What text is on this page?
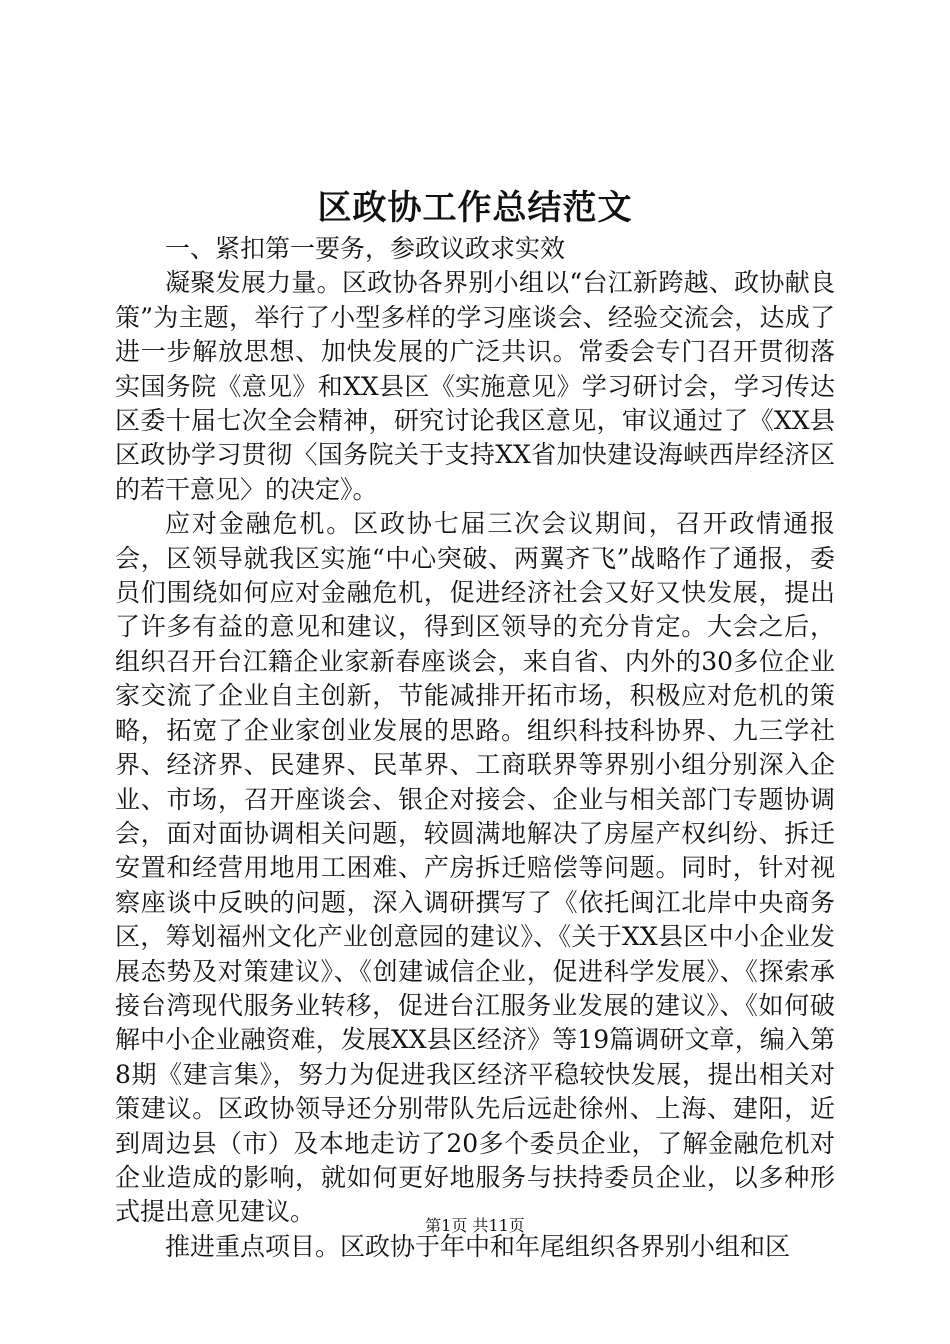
区政协工作总结范文

一、紧扣第一要务，参政议政求实效

凝聚发展力量。区政协各界别小组以“台江新跨越、政协献良策”为主题，举行了小型多样的学习座谈会、经验交流会，达成了进一步解放思想、加快发展的广泛共识。常委会专门召开贯彻落实国务院《意见》和XX县区《实施意见》学习研讨会，学习传达区委十届七次全会精神，研究讨论我区意见，审议通过了《XX县区政协学习贯彻〈国务院关于支持XX省加快建设海峡西岸经济区的若干意见〉的决定》。

应对金融危机。区政协七届三次会议期间，召开政情通报会，区领导就我区实施“中心突破、两翼齐飞”战略作了通报，委员们围绕如何应对金融危机，促进经济社会又好又快发展，提出了许多有益的意见和建议，得到区领导的充分肯定。大会之后，组织召开台江籍企业家新春座谈会，来自省、内外的30多位企业家交流了企业自主创新，节能减排开拓市场，积极应对危机的策略，拓宽了企业家创业发展的思路。组织科技科协界、九三学社界、经济界、民建界、民革界、工商联界等界别小组分别深入企业、市场，召开座谈会、银企对接会、企业与相关部门专题协调会，面对面协调相关问题，较圆满地解决了房屋产权纠纷、拆迁安置和经营用地用工困难、产房拆迁赔偿等问题。同时，针对视察座谈中反映的问题，深入调研撰写了《依托闽江北岸中央商务区，筹划福州文化产业创意园的建议》、《关于XX县区中小企业发展态势及对策建议》、《创建诚信企业，促进科学发展》、《探索承接台湾现代服务业转移，促进台江服务业发展的建议》、《如何破解中小企业融资难，发展XX县区经济》等19篇调研文章，编入第8期《建言集》，努力为促进我区经济平稳较快发展，提出相关对策建议。区政协领导还分别带队先后远赴徐州、上海、建阳，近到周边县（市）及本地走访了20多个委员企业，了解金融危机对企业造成的影响，就如何更好地服务与扶持委员企业，以多种形式提出意见建议。

推进重点项目。区政协于年中和年尾组织各界别小组和区

第1页 共11页
